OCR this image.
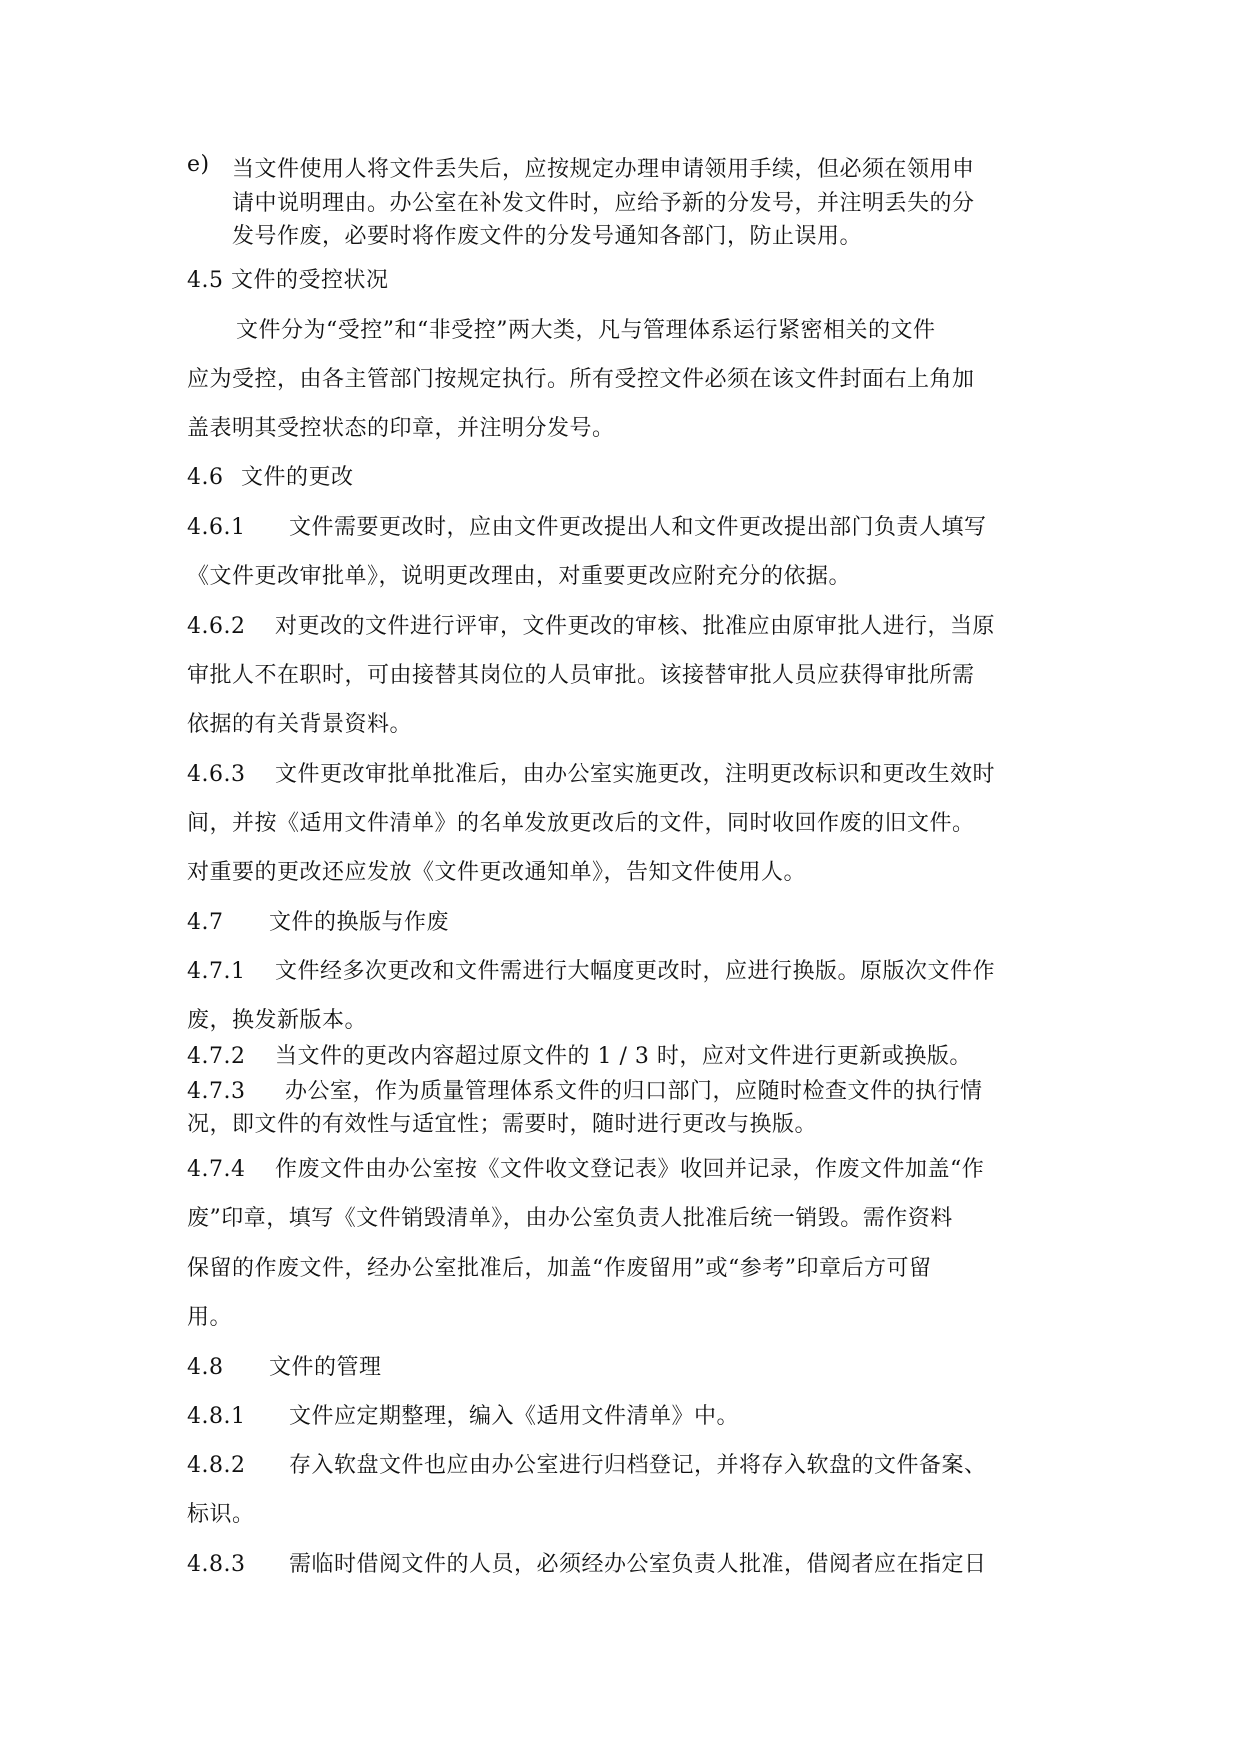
e) 当文件使用人将文件丢失后，应按规定办理申请领用手续，但必须在领用申
请中说明理由。办公室在补发文件时，应给予新的分发号，并注明丢失的分
发号作废，必要时将作废文件的分发号通知各部门，防止误用。
4.5 文件的受控状况
文件分为“受控”和“非受控”两大类，凡与管理体系运行紧密相关的文件
应为受控，由各主管部门按规定执行。所有受控文件必须在该文件封面右上角加
盖表明其受控状态的印章，并注明分发号。
4.6 文件的更改
4.6.1 文件需要更改时，应由文件更改提出人和文件更改提出部门负责人填写
《文件更改审批单》，说明更改理由，对重要更改应附充分的依据。
4.6.2 对更改的文件进行评审，文件更改的审核、批准应由原审批人进行，当原
审批人不在职时，可由接替其岗位的人员审批。该接替审批人员应获得审批所需
依据的有关背景资料。
4.6.3 文件更改审批单批准后，由办公室实施更改，注明更改标识和更改生效时
间，并按《适用文件清单》的名单发放更改后的文件，同时收回作废的旧文件。
对重要的更改还应发放《文件更改通知单》，告知文件使用人。
4.7 文件的换版与作废
4.7.1 文件经多次更改和文件需进行大幅度更改时，应进行换版。原版次文件作
废，换发新版本。
4.7.2 当文件的更改内容超过原文件的 1 / 3 时，应对文件进行更新或换版。
4.7.3 办公室，作为质量管理体系文件的归口部门，应随时检查文件的执行情
况，即文件的有效性与适宜性；需要时，随时进行更改与换版。
4.7.4 作废文件由办公室按《文件收文登记表》收回并记录，作废文件加盖“作
废”印章，填写《文件销毁清单》，由办公室负责人批准后统一销毁。需作资料
保留的作废文件，经办公室批准后，加盖“作废留用”或“参考”印章后方可留
用。
4.8 文件的管理
4.8.1 文件应定期整理，编入《适用文件清单》中。
4.8.2 存入软盘文件也应由办公室进行归档登记，并将存入软盘的文件备案、
标识。
4.8.3 需临时借阅文件的人员，必须经办公室负责人批准，借阅者应在指定日
